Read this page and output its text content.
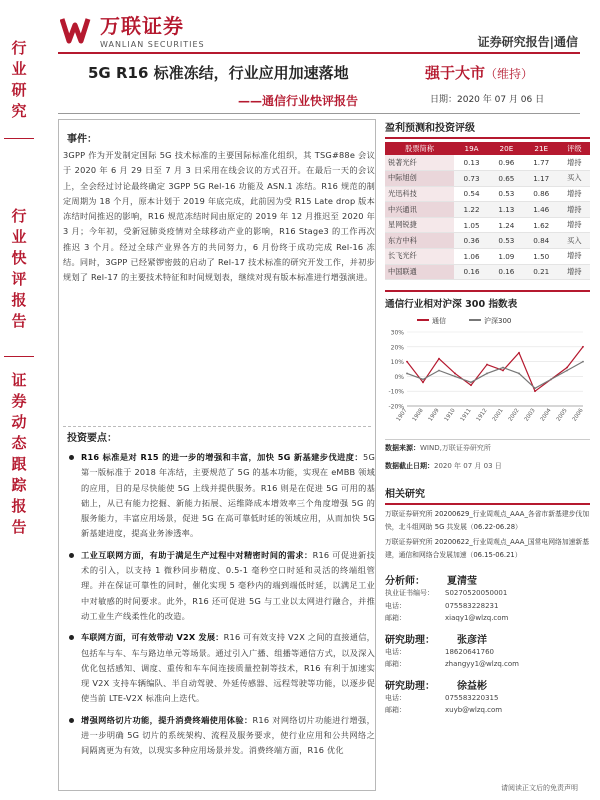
万联证券
WANLIAN SECURITIES	证券研究报告|通信
行业研究
行业快评报告
证券动态跟踪报告
5G R16 标准冻结，行业应用加速落地
——通信行业快评报告
强于大市（维持）
日期：2020 年 07 月 06 日
事件：

3GPP 作为开发制定国际 5G 技术标准的主要国际标准化组织，其 TSG#88e 会议于 2020 年 6 月 29 日至 7 月 3 日采用在线会议的方式召开。在最后一天的会议上，全会经过讨论最终确定 3GPP 5G Rel-16 功能及 ASN.1 冻结。R16 规范的制定周期为 18 个月，原本计划于 2019 年底完成，此前因为受 R15 Late drop 版本冻结时间推迟的影响，R16 规范冻结时间由原定的 2019 年 12 月推迟至 2020 年 3 月；今年初，受新冠肺炎疫情对全球移动产业的影响，R16 Stage3 的工作再次推迟 3 个月。经过全球产业界各方的共同努力，6 月份终于成功完成 Rel-16 冻结。同时，3GPP 已经紧锣密鼓的启动了 Rel-17 技术标准的研究开发工作，并初步规划了 Rel-17 的主要技术特征和时间规划表，继续对现有版本标准进行增强演进。

投资要点：
R16 标准是对 R15 的进一步的增强和丰富，加快 5G 新基建步伐进度：5G 第一版标准于 2018 年冻结，主要规范了 5G 的基本功能，实现在 eMBB 领域的应用，目的是尽快能使 5G 上线并提供服务。R16 则是在促进 5G 可用的基础上，从已有能力挖掘、新能力拓展、运维降成本增效率三个角度增强 5G 的服务能力，丰富应用场景，促进 5G 在高可靠低时延的领域应用，从而加快 5G 新基建进度，提高业务渗透率。
工业互联网方面，有助于满足生产过程中对精密时间的需求：R16 可促进新技术的引入，以支持 1 微秒同步精度、0.5-1 毫秒空口时延和灵活的终端组管理。并在保证可靠性的同时，催化实现 5 毫秒内的端到端低时延，以满足工业中对敏感的时间要求。此外，R16 还可促进 5G 与工业以太网进行融合，并推动工业生产线柔性化的改造。
车联网方面，可有效带动 V2X 发展：R16 可有效支持 V2X 之间的直接通信，包括车与车、车与路边单元等场景。通过引入广播、组播等通信方式，以及深入优化包括感知、调度、重传和车车间连接质量控制等技术，R16 有利于加速实现 V2X 支持车辆编队、半自动驾驶、外延传感器、远程驾驶等功能，以逐步促使当前 LTE-V2X 标准向上迭代。
增强网络切片功能，提升消费终端使用体验：R16 对网络切片功能进行增强，进一步明确 5G 切片的系统架构、流程及服务要求，使行业应用和公共网络之间隔离更为有效，以现实多种应用场景并发。消费终端方面，R16 优化
盈利预测和投资评级
股票简称	19A	20E	21E	评级
锐著光纤	0.13	0.96	1.77	增持
中际旭创	0.73	0.65	1.17	买入
光迅科技	0.54	0.53	0.86	增持
中兴通讯	1.22	1.13	1.46	增持
星网锐捷	1.05	1.24	1.62	增持
东方中科	0.36	0.53	0.84	买入
长飞光纤	1.06	1.09	1.50	增持
中国联通	0.16	0.16	0.21	增持
通信行业相对沪深 300 指数表
通信	沪深300
-20%
-10%
0%
10%
20%
30%
1907 1908 1909 1910 1911 1912 2001 2002 2003 2004 2005 2006
数据来源：WIND,万联证券研究所
数据截止日期：2020 年 07 月 03 日
相关研究
万联证券研究所 20200629_行业周观点_AAA_各省市新基建步伐加快，北斗组网助 5G 共发展（06.22-06.28）
万联证券研究所 20200622_行业周观点_AAA_国常电网络加速新基建，通信和网络合发展加速（06.15-06.21）
分析师： 夏清莹
执业证书编号：	S0270520050001
电话：	075583228231
邮箱：	xiaqy1@wlzq.com
研究助理： 张彦洋
电话：	18620641760
邮箱：	zhangyy1@wlzq.com
研究助理： 徐益彬
电话：	075583220315
邮箱：	xuyb@wlzq.com
请阅读正文后的免责声明
